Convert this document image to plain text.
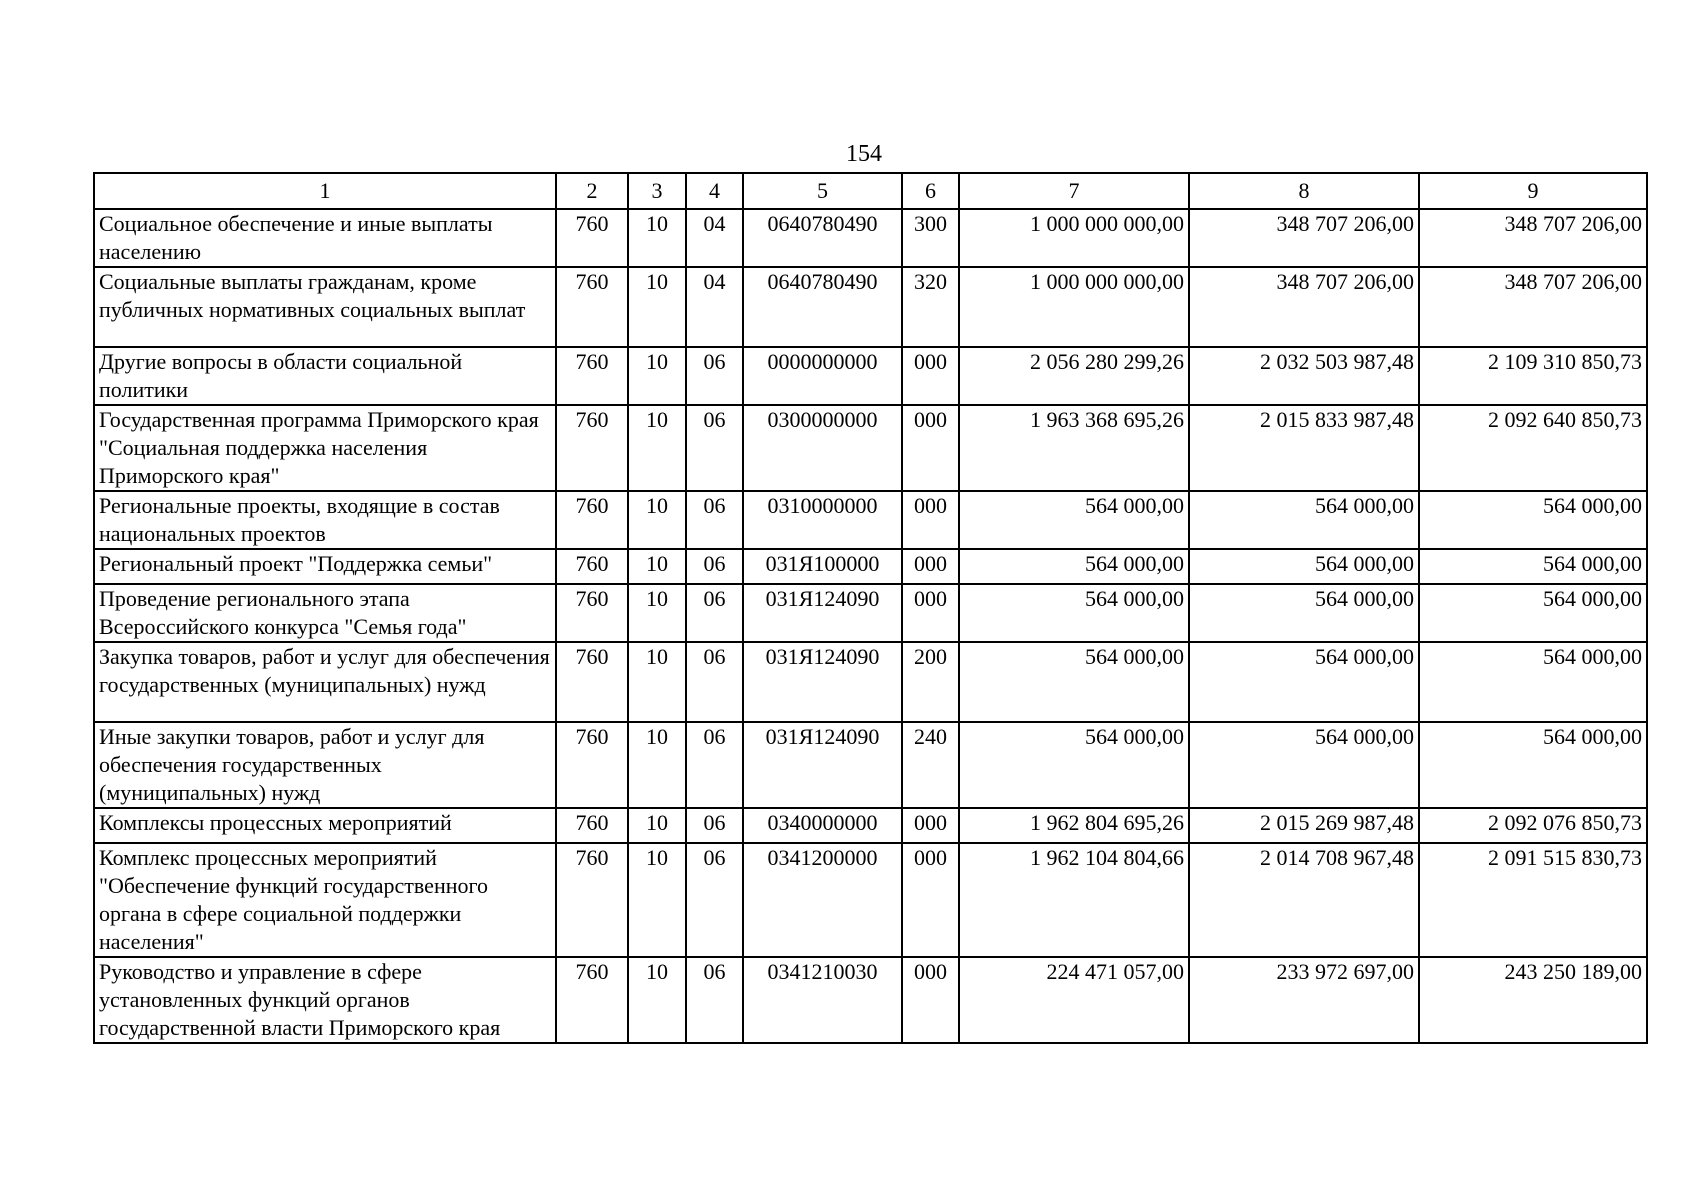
154
1	2	3	4	5	6	7	8	9
Социальное обеспечение и иные выплаты населению	760	10	04	0640780490	300	1 000 000 000,00	348 707 206,00	348 707 206,00
Социальные выплаты гражданам, кроме публичных нормативных социальных выплат	760	10	04	0640780490	320	1 000 000 000,00	348 707 206,00	348 707 206,00
Другие вопросы в области социальной политики	760	10	06	0000000000	000	2 056 280 299,26	2 032 503 987,48	2 109 310 850,73
Государственная программа Приморского края "Социальная поддержка населения Приморского края"	760	10	06	0300000000	000	1 963 368 695,26	2 015 833 987,48	2 092 640 850,73
Региональные проекты, входящие в состав национальных проектов	760	10	06	0310000000	000	564 000,00	564 000,00	564 000,00
Региональный проект "Поддержка семьи"	760	10	06	031Я100000	000	564 000,00	564 000,00	564 000,00
Проведение регионального этапа Всероссийского конкурса "Семья года"	760	10	06	031Я124090	000	564 000,00	564 000,00	564 000,00
Закупка товаров, работ и услуг для обеспечения государственных (муниципальных) нужд	760	10	06	031Я124090	200	564 000,00	564 000,00	564 000,00
Иные закупки товаров, работ и услуг для обеспечения государственных (муниципальных) нужд	760	10	06	031Я124090	240	564 000,00	564 000,00	564 000,00
Комплексы процессных мероприятий	760	10	06	0340000000	000	1 962 804 695,26	2 015 269 987,48	2 092 076 850,73
Комплекс процессных мероприятий "Обеспечение функций государственного органа в сфере социальной поддержки населения"	760	10	06	0341200000	000	1 962 104 804,66	2 014 708 967,48	2 091 515 830,73
Руководство и управление в сфере установленных функций органов государственной власти Приморского края	760	10	06	0341210030	000	224 471 057,00	233 972 697,00	243 250 189,00
